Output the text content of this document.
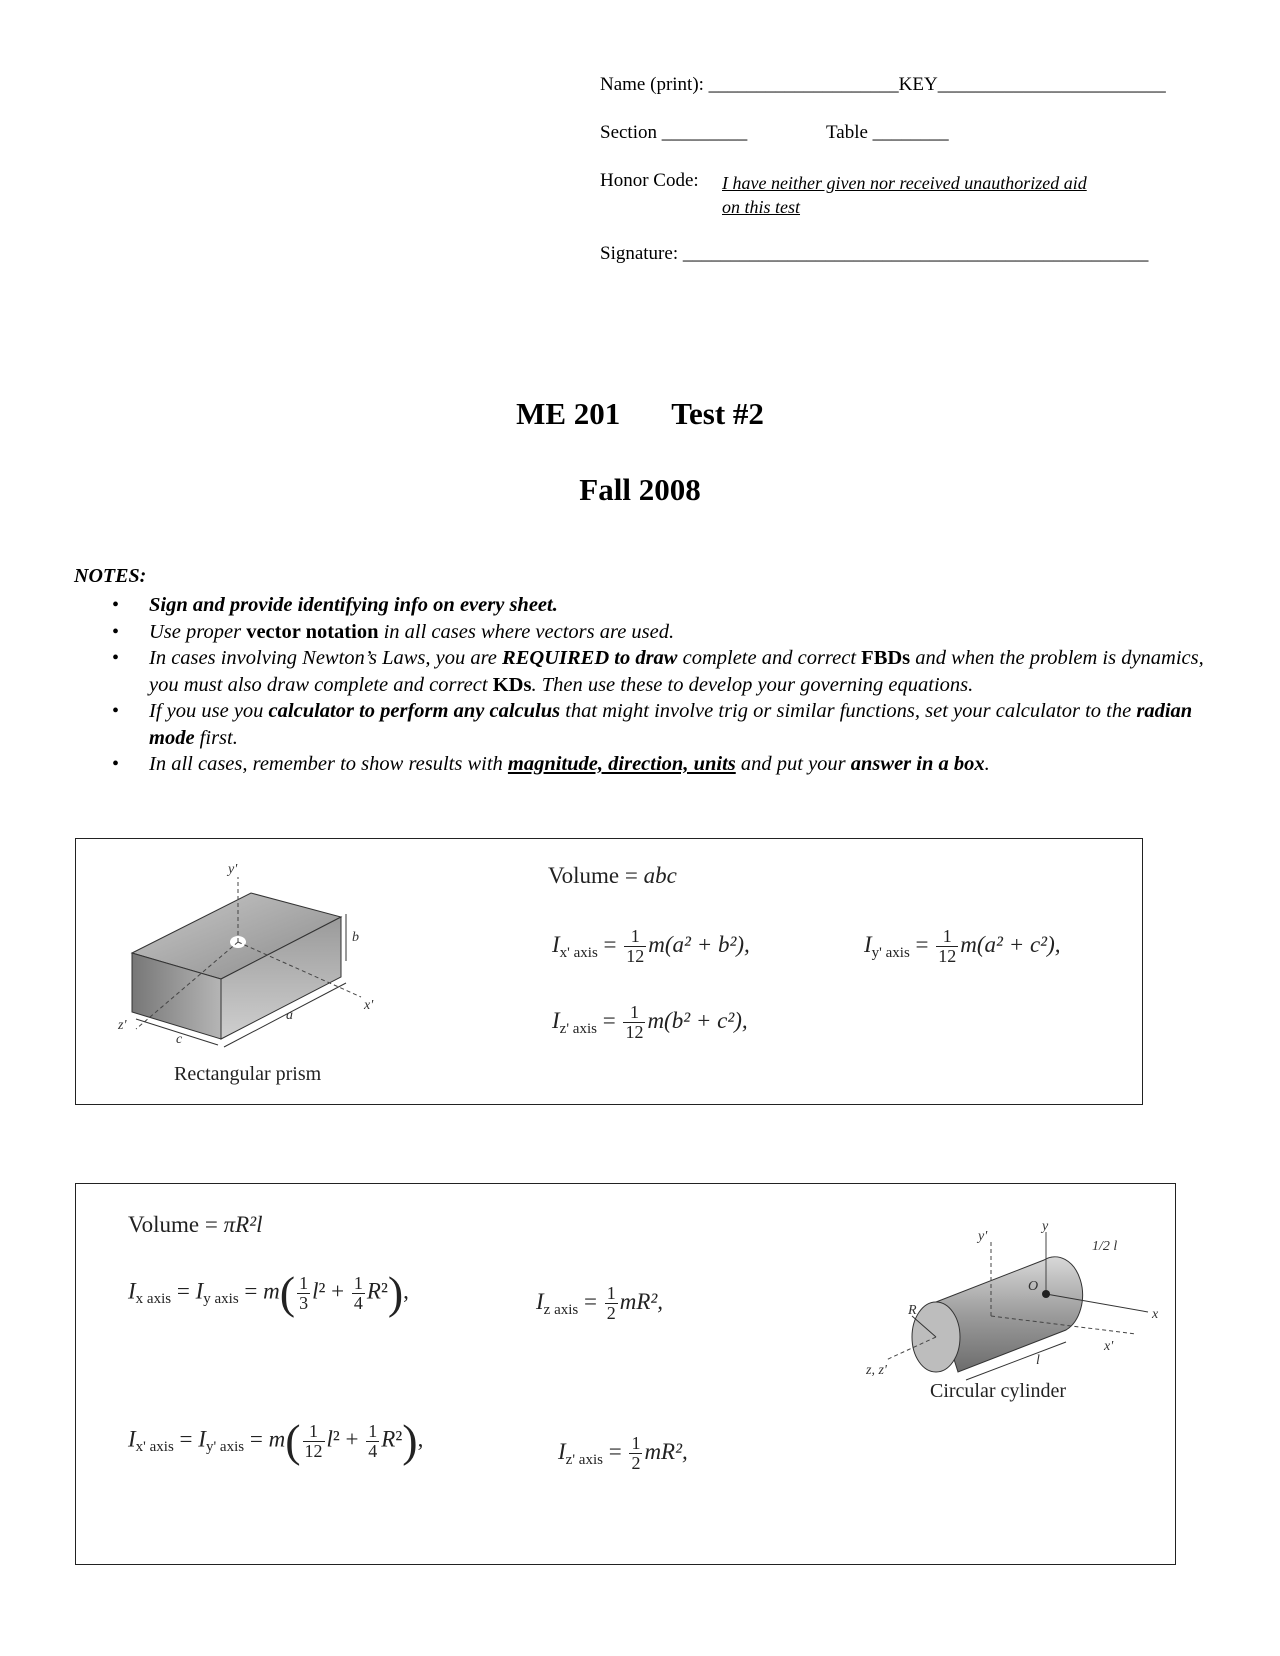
Name (print): ____________________KEY________________________
Section _________	Table ________
Honor Code: I have neither given nor received unauthorized aid
on this test
Signature: _________________________________________________
ME 201 Test #2
Fall 2008
NOTES:
• Sign and provide identifying info on every sheet.
• Use proper vector notation in all cases where vectors are used.
• In cases involving Newton’s Laws, you are REQUIRED to draw complete and correct FBDs and when the problem is dynamics, you must also draw complete and correct KDs. Then use these to develop your governing equations.
• If you use you calculator to perform any calculus that might involve trig or similar functions, set your calculator to the radian mode first.
• In all cases, remember to show results with magnitude, direction, units and put your answer in a box.
y'
b
x'
a
c
z'
Rectangular prism
Volume = abc
$I_{x' axis} = \frac{1}{12} m(a^2 + b^2)$,	$I_{y' axis} = \frac{1}{12} m(a^2 + c^2)$,
$I_{z' axis} = \frac{1}{12} m(b^2 + c^2)$,
Volume = πR²l
$I_{x axis} = I_{y axis} = m( \frac{1}{3} l^2 + \frac{1}{4} R^2)$,	$I_{z axis} = \frac{1}{2} mR^2$,
$I_{x' axis} = I_{y' axis} = m( \frac{1}{12} l^2 + \frac{1}{4} R^2)$,	$I_{z' axis} = \frac{1}{2} mR^2$,
y'
y
1/2 l
R
O
z, z'
l
x'
x
Circular cylinder
